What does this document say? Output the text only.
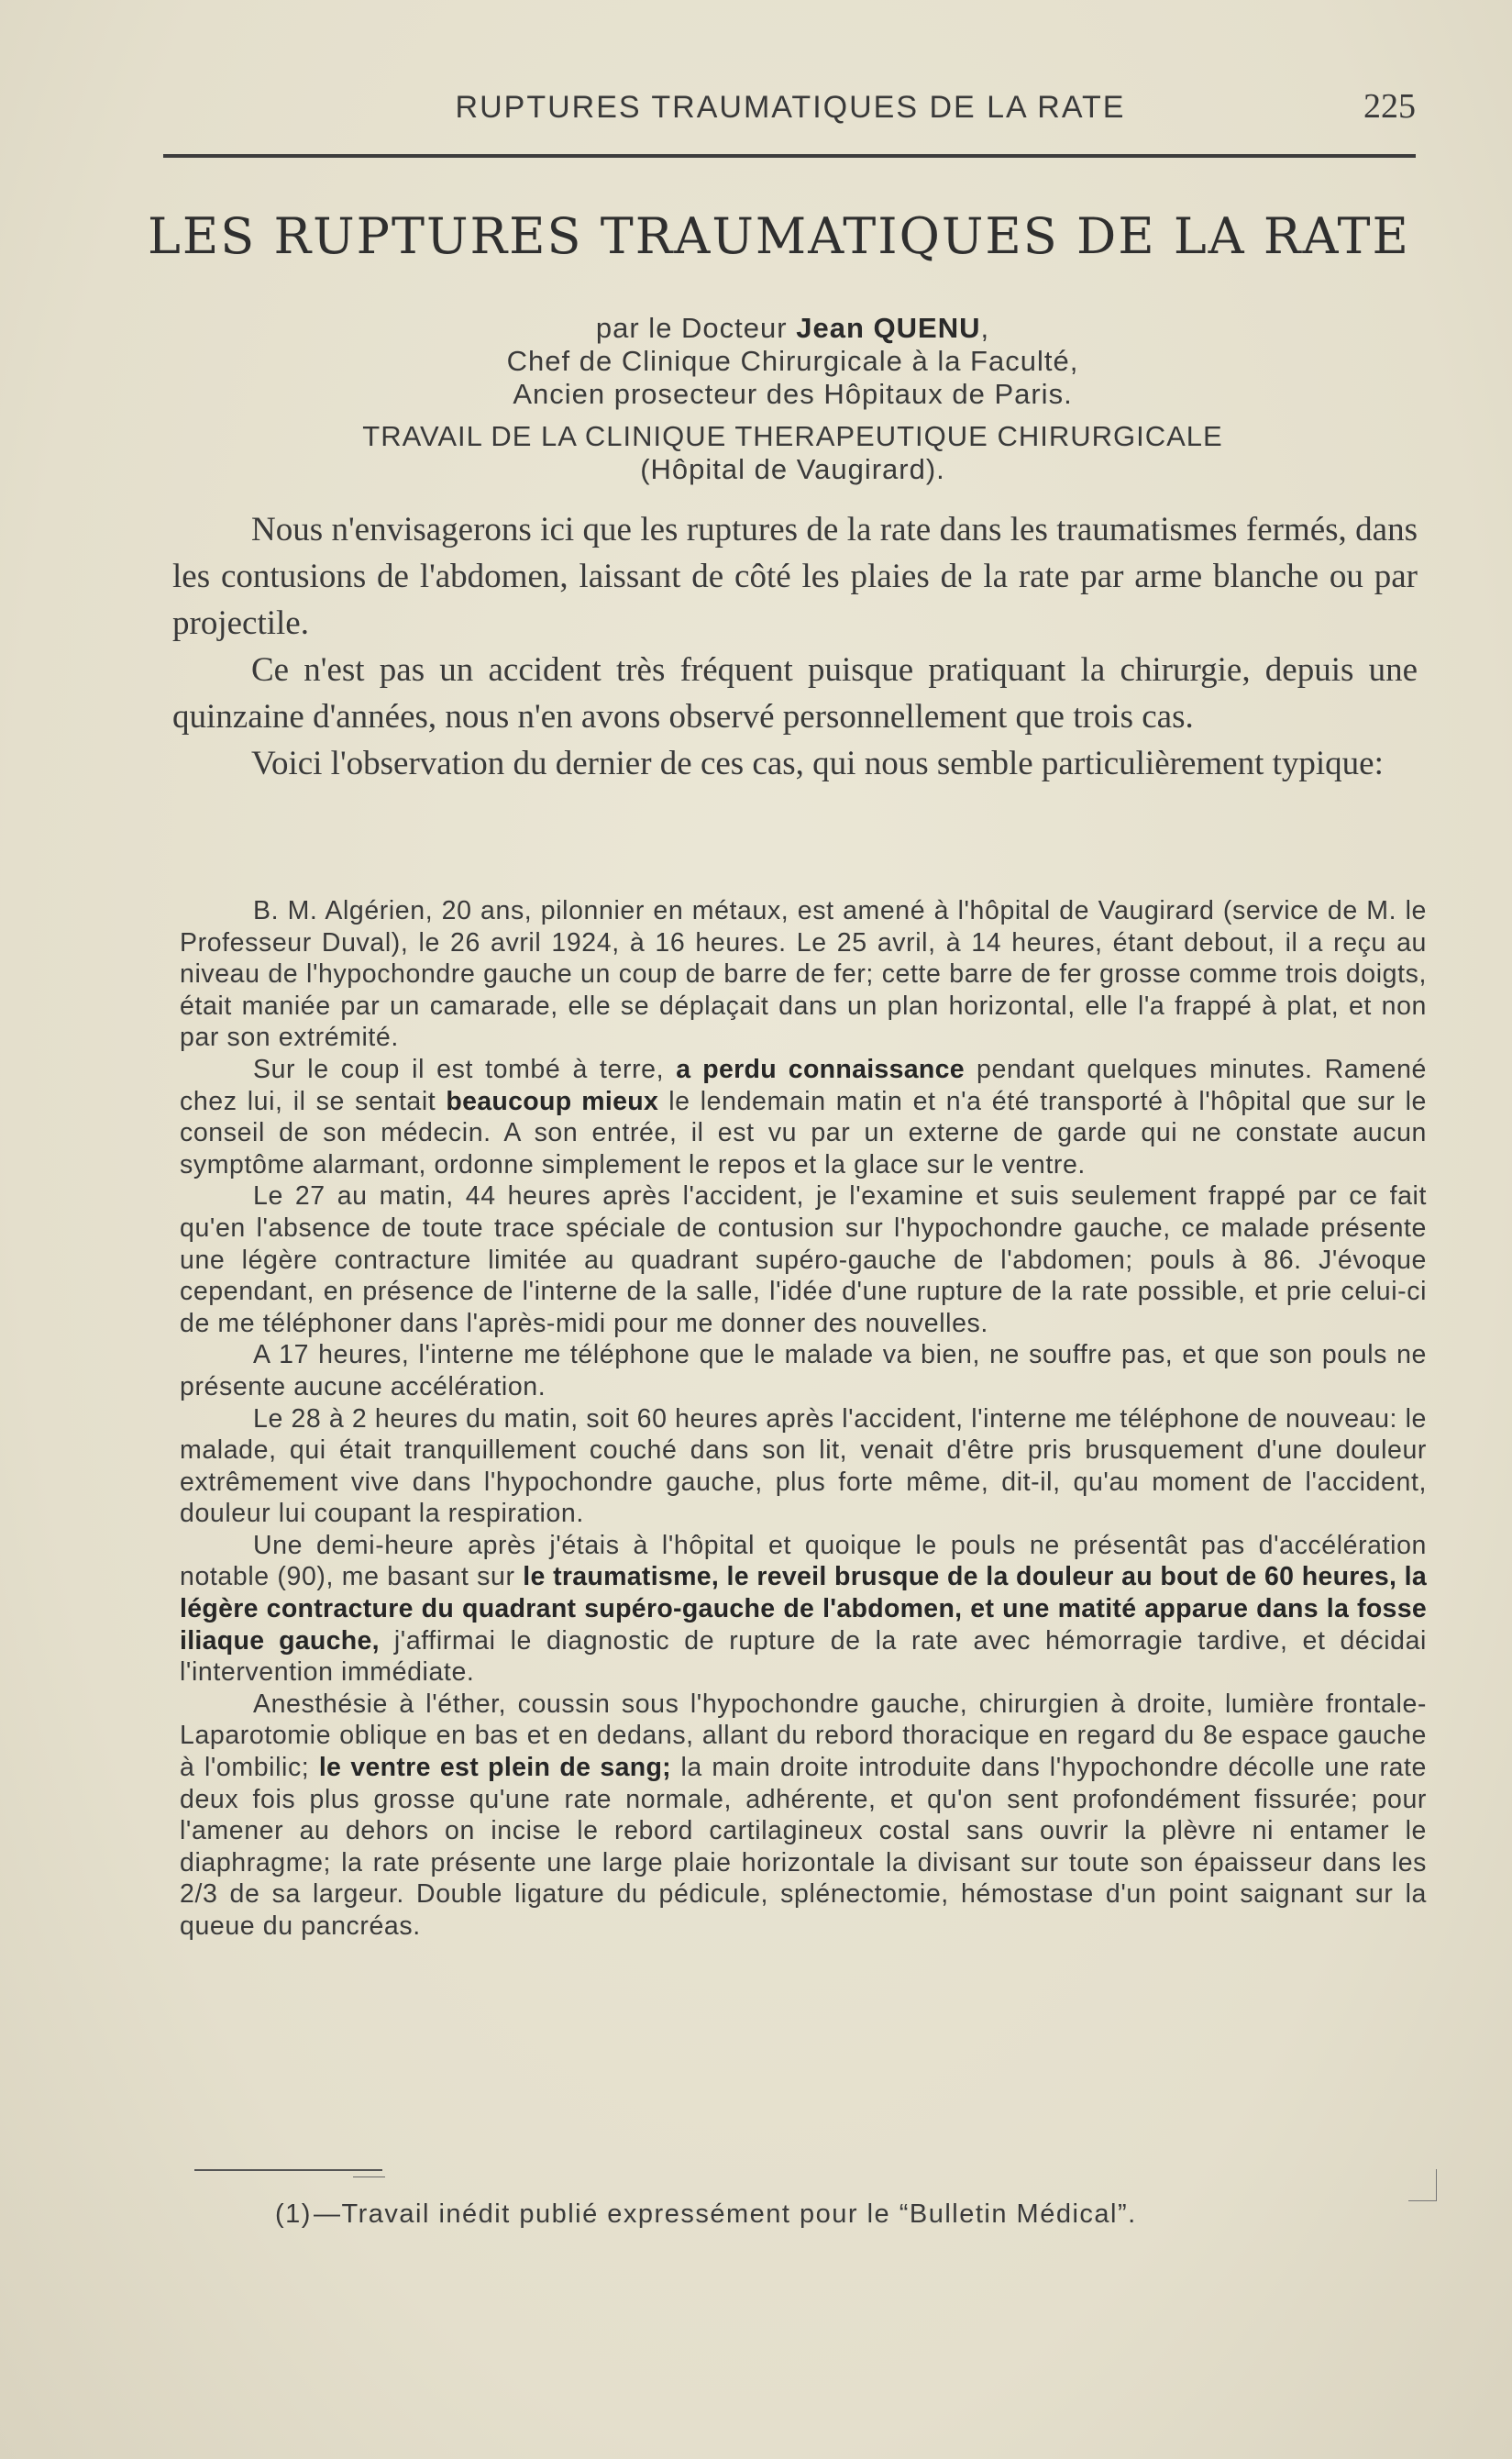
RUPTURES TRAUMATIQUES DE LA RATE	225
LES RUPTURES TRAUMATIQUES DE LA RATE
par le Docteur Jean QUENU,
Chef de Clinique Chirurgicale à la Faculté,
Ancien prosecteur des Hôpitaux de Paris.
TRAVAIL DE LA CLINIQUE THERAPEUTIQUE CHIRURGICALE
(Hôpital de Vaugirard).

Nous n'envisagerons ici que les ruptures de la rate dans les traumatismes fermés, dans les contusions de l'abdomen, laissant de côté les plaies de la rate par arme blanche ou par projectile.

Ce n'est pas un accident très fréquent puisque pratiquant la chirurgie, depuis une quinzaine d'années, nous n'en avons observé personnellement que trois cas.

Voici l'observation du dernier de ces cas, qui nous semble particulièrement typique:

B. M. Algérien, 20 ans, pilonnier en métaux, est amené à l'hôpital de Vaugirard (service de M. le Professeur Duval), le 26 avril 1924, à 16 heures. Le 25 avril, à 14 heures, étant debout, il a reçu au niveau de l'hypochondre gauche un coup de barre de fer; cette barre de fer grosse comme trois doigts, était maniée par un camarade, elle se déplaçait dans un plan horizontal, elle l'a frappé à plat, et non par son extrémité.

Sur le coup il est tombé à terre, a perdu connaissance pendant quelques minutes. Ramené chez lui, il se sentait beaucoup mieux le lendemain matin et n'a été transporté à l'hôpital que sur le conseil de son médecin. A son entrée, il est vu par un externe de garde qui ne constate aucun symptôme alarmant, ordonne simplement le repos et la glace sur le ventre.

Le 27 au matin, 44 heures après l'accident, je l'examine et suis seulement frappé par ce fait qu'en l'absence de toute trace spéciale de contusion sur l'hypochondre gauche, ce malade présente une légère contracture limitée au quadrant supéro-gauche de l'abdomen; pouls à 86. J'évoque cependant, en présence de l'interne de la salle, l'idée d'une rupture de la rate possible, et prie celui-ci de me téléphoner dans l'après-midi pour me donner des nouvelles.

A 17 heures, l'interne me téléphone que le malade va bien, ne souffre pas, et que son pouls ne présente aucune accélération.

Le 28 à 2 heures du matin, soit 60 heures après l'accident, l'interne me téléphone de nouveau: le malade, qui était tranquillement couché dans son lit, venait d'être pris brusquement d'une douleur extrêmement vive dans l'hypochondre gauche, plus forte même, dit-il, qu'au moment de l'accident, douleur lui coupant la respiration.

Une demi-heure après j'étais à l'hôpital et quoique le pouls ne présentât pas d'accélération notable (90), me basant sur le traumatisme, le reveil brusque de la douleur au bout de 60 heures, la légère contracture du quadrant supéro-gauche de l'abdomen, et une matité apparue dans la fosse iliaque gauche, j'affirmai le diagnostic de rupture de la rate avec hémorragie tardive, et décidai l'intervention immédiate.

Anesthésie à l'éther, coussin sous l'hypochondre gauche, chirurgien à droite, lumière frontale-Laparotomie oblique en bas et en dedans, allant du rebord thoracique en regard du 8e espace gauche à l'ombilic; le ventre est plein de sang; la main droite introduite dans l'hypochondre décolle une rate deux fois plus grosse qu'une rate normale, adhérente, et qu'on sent profondément fissurée; pour l'amener au dehors on incise le rebord cartilagineux costal sans ouvrir la plèvre ni entamer le diaphragme; la rate présente une large plaie horizontale la divisant sur toute son épaisseur dans les 2/3 de sa largeur. Double ligature du pédicule, splénectomie, hémostase d'un point saignant sur la queue du pancréas.

(1)—Travail inédit publié expressément pour le “Bulletin Médical”.
